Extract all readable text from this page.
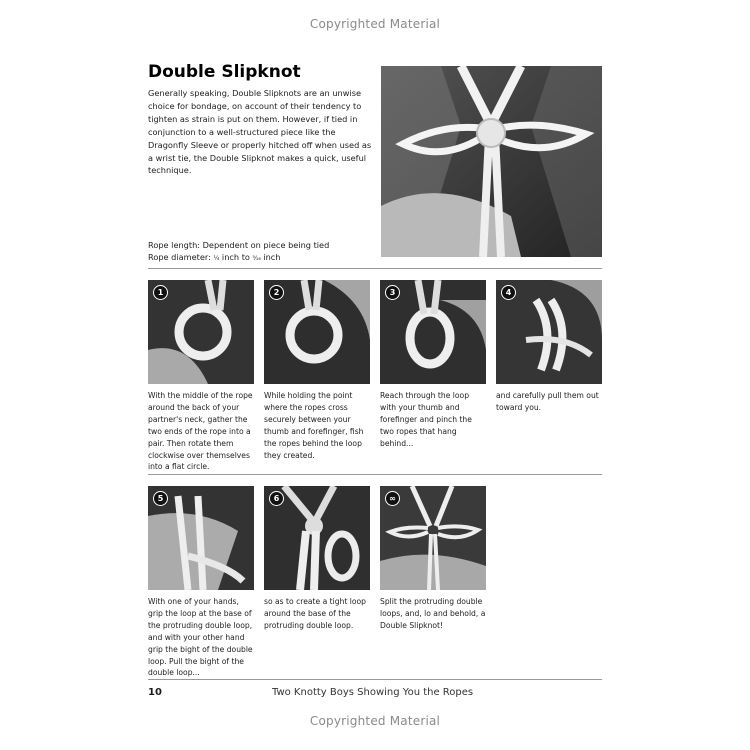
Copyrighted Material
Double Slipknot
Generally speaking, Double Slipknots are an unwise choice for bondage, on account of their tendency to tighten as strain is put on them. However, if tied in conjunction to a well-structured piece like the Dragonfly Sleeve or properly hitched off when used as a wrist tie, the Double Slipknot makes a quick, useful technique.
Rope length: Dependent on piece being tied
Rope diameter: ¼ inch to ⁵⁄₁₆ inch
1
With the middle of the rope around the back of your partner's neck, gather the two ends of the rope into a pair. Then rotate them clockwise over themselves into a flat circle.
2
While holding the point where the ropes cross securely between your thumb and forefinger, fish the ropes behind the loop they created.
3
Reach through the loop with your thumb and forefinger and pinch the two ropes that hang behind...
4
and carefully pull them out toward you.
5
With one of your hands, grip the loop at the base of the protruding double loop, and with your other hand grip the bight of the double loop. Pull the bight of the double loop...
6
so as to create a tight loop around the base of the protruding double loop.
∞
Split the protruding double loops, and, lo and behold, a Double Slipknot!
10	Two Knotty Boys Showing You the Ropes
Copyrighted Material
